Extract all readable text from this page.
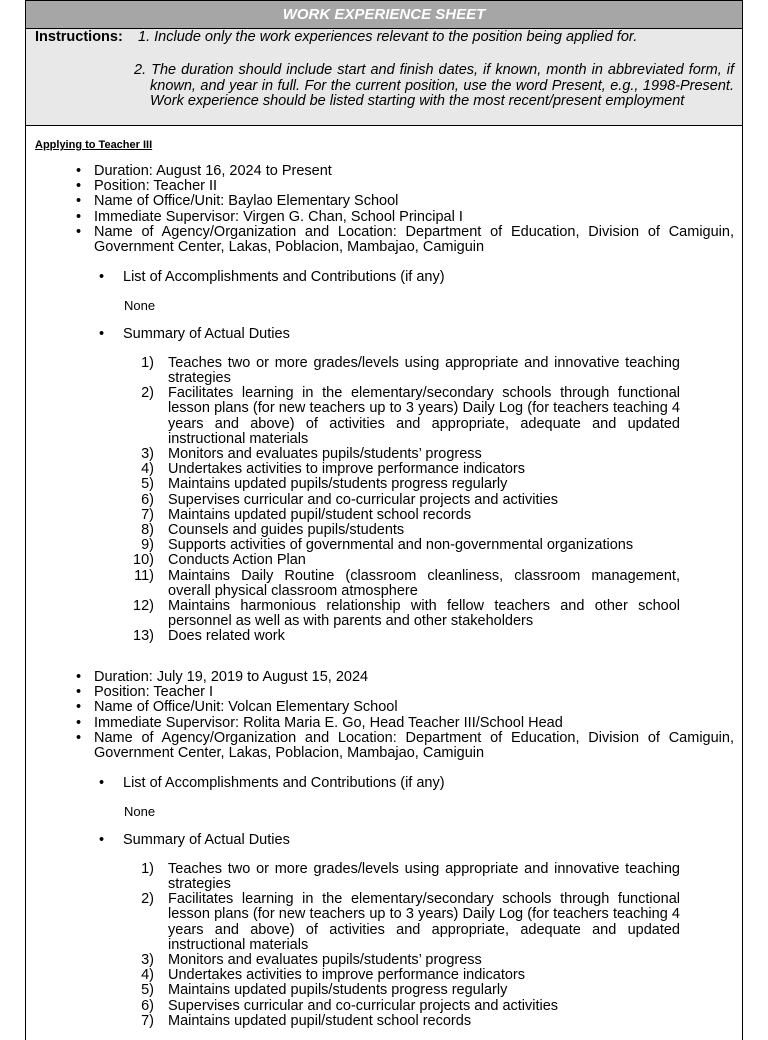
WORK EXPERIENCE SHEET
Instructions: 1. Include only the work experiences relevant to the position being applied for.
2. The duration should include start and finish dates, if known, month in abbreviated form, if known, and year in full. For the current position, use the word Present, e.g., 1998-Present. Work experience should be listed starting with the most recent/present employment
Applying to Teacher III
• Duration: August 16, 2024 to Present
• Position: Teacher II
• Name of Office/Unit: Baylao Elementary School
• Immediate Supervisor: Virgen G. Chan, School Principal I
• Name of Agency/Organization and Location: Department of Education, Division of Camiguin, Government Center, Lakas, Poblacion, Mambajao, Camiguin
• List of Accomplishments and Contributions (if any)
None
• Summary of Actual Duties
1) Teaches two or more grades/levels using appropriate and innovative teaching strategies
2) Facilitates learning in the elementary/secondary schools through functional lesson plans (for new teachers up to 3 years) Daily Log (for teachers teaching 4 years and above) of activities and appropriate, adequate and updated instructional materials
3) Monitors and evaluates pupils/students’ progress
4) Undertakes activities to improve performance indicators
5) Maintains updated pupils/students progress regularly
6) Supervises curricular and co-curricular projects and activities
7) Maintains updated pupil/student school records
8) Counsels and guides pupils/students
9) Supports activities of governmental and non-governmental organizations
10) Conducts Action Plan
11) Maintains Daily Routine (classroom cleanliness, classroom management, overall physical classroom atmosphere
12) Maintains harmonious relationship with fellow teachers and other school personnel as well as with parents and other stakeholders
13) Does related work
• Duration: July 19, 2019 to August 15, 2024
• Position: Teacher I
• Name of Office/Unit: Volcan Elementary School
• Immediate Supervisor: Rolita Maria E. Go, Head Teacher III/School Head
• Name of Agency/Organization and Location: Department of Education, Division of Camiguin, Government Center, Lakas, Poblacion, Mambajao, Camiguin
• List of Accomplishments and Contributions (if any)
None
• Summary of Actual Duties
1) Teaches two or more grades/levels using appropriate and innovative teaching strategies
2) Facilitates learning in the elementary/secondary schools through functional lesson plans (for new teachers up to 3 years) Daily Log (for teachers teaching 4 years and above) of activities and appropriate, adequate and updated instructional materials
3) Monitors and evaluates pupils/students’ progress
4) Undertakes activities to improve performance indicators
5) Maintains updated pupils/students progress regularly
6) Supervises curricular and co-curricular projects and activities
7) Maintains updated pupil/student school records
